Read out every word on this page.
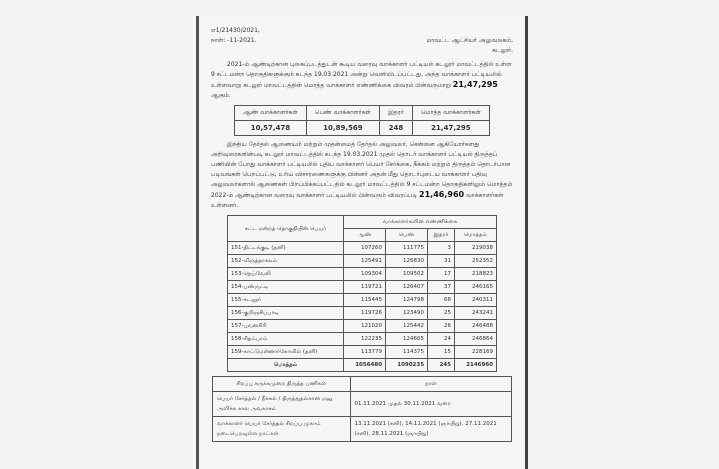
எ1/21430/2021,
நாள்: -11-2021.	மாவட்ட ஆட்சியர் அலுவலகம்,
கடலூர்.

2021-ம் ஆண்டிற்கான புகைப்படத்துடன் கூடிய வரைவு வாக்காளர் பட்டியல் கடலூர் மாவட்டத்தில் உள்ள 9 சட்டமன்ற தொகுதிகளுக்கும் கடந்த 19.03.2021 அன்று வெளியிடப்பட்டது. அந்த வாக்காளர் பட்டியலில் உள்ளவாறு கடலூர் மாவட்டத்தின் மொத்த வாக்காளர் எண்ணிக்கை விவரம் பின்வருமாறு 21,47,295 ஆகும்.

ஆண் வாக்காளர்கள்	பெண் வாக்காளர்கள்	இதரர்	மொத்த வாக்காளர்கள்
10,57,478	10,89,569	248	21,47,295

இந்திய தேர்தல் ஆணையம் மற்றும் முதன்மைத் தேர்தல் அலுவலர், சென்னை ஆகியோர்களது அறிவுரைகளின்படி கடலூர் மாவட்டத்தில் கடந்த 19.03.2021 முதல் தொடர் வாக்காளர் பட்டியல் திருத்தப் பணியின் போது வாக்காளர் பட்டியலில் புதிய வாக்காளர் பெயர் சேர்க்கை, நீக்கம் மற்றும் திருத்தம் தொடர்பான படிவங்கள் பெறப்பட்டு, உரிய விசாரணைகளுக்கு பின்னர் அதன் மீது தொடர்புடைய வாக்காளர் பதிவு அலுவலர்களால் ஆணைகள் பிறப்பிக்கப்பட்டதில் கடலூர் மாவட்டத்தில் 9 சட்டமன்ற தொகுதிகளிலும் மொத்தம் 2022-ம் ஆண்டிற்கான வரைவு வாக்காளர் பட்டியலில் பின்வரும் விவரப்படி 21,46,960 வாக்காளர்கள் உள்ளனர்.

சட்ட மன்றத் தொகுதியின் பெயர்	வாக்காளர்களின் எண்ணிக்கை			
	ஆண்	பெண்	இதரர்	மொத்தம்
151-திட்டக்குடி (தனி)	107260	111775	3	219038
152-விருத்தாசலம்	125491	126830	31	252352
153-நெய்வேலி	109304	109502	17	218823
154-பண்ருட்டி	119721	126407	37	246165
155-கடலூர்	115445	124798	68	240311
156-குறிஞ்சிப்பாடி	119726	123490	25	243241
157-புவனகிரி	121020	125442	26	246488
158-சிதம்பரம்	122235	124605	24	246864
159-காட்டுமன்னார்கோவில் (தனி)	113779	114375	15	228169
மொத்தம்	1056480	1090235	245	2146960
சிறப்பு சுருக்கமுறை திருத்த பணிகள்	நாள்
பெயர் சேர்த்தல் / நீக்கல் / திருத்துதல்கான மனு அளிக்க கால அவகாசம்	01.11.2021 முதல் 30.11.2021 வரை
வாக்காளர் பெயர் சேர்த்தல் சிறப்பு முகாம் நடைபெறவுள்ள நாட்கள்	13.11.2021 (சனி), 14.11.2021 (ஞாயிறு), 27.11.2021 (சனி), 28.11.2021 (ஞாயிறு)
